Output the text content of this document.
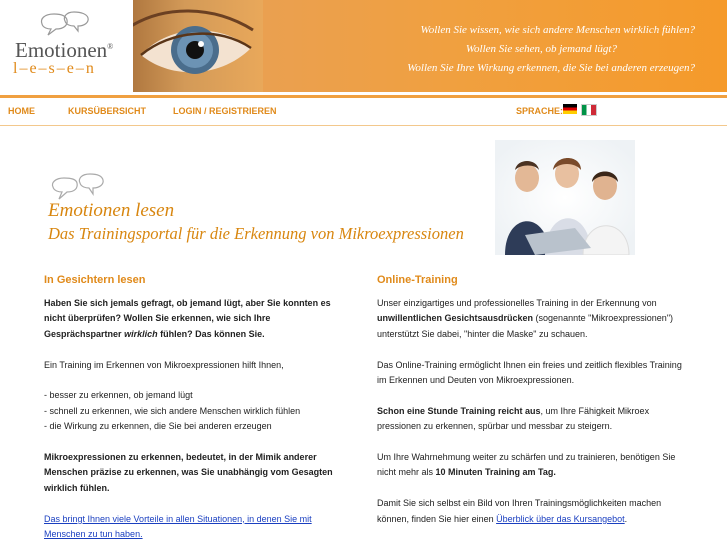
Emotionen®
l–e–s–e–n
Wollen Sie wissen, wie sich andere Menschen wirklich fühlen?
Wollen Sie sehen, ob jemand lügt?
Wollen Sie Ihre Wirkung erkennen, die Sie bei anderen erzeugen?
HOME	KURSÜBERSICHT	LOGIN / REGISTRIEREN	SPRACHE:
Emotionen lesen
Das Trainingsportal für die Erkennung von Mikroexpressionen
In Gesichtern lesen

Haben Sie sich jemals gefragt, ob jemand lügt, aber Sie konnten es nicht überprüfen? Wollen Sie erkennen, wie sich Ihre Gesprächspartner wirklich fühlen? Das können Sie.

Ein Training im Erkennen von Mikroexpressionen hilft Ihnen,

- besser zu erkennen, ob jemand lügt
- schnell zu erkennen, wie sich andere Menschen wirklich fühlen
- die Wirkung zu erkennen, die Sie bei anderen erzeugen

Mikroexpressionen zu erkennen, bedeutet, in der Mimik anderer Menschen präzise zu erkennen, was Sie unabhängig vom Gesagten wirklich fühlen.

Das bringt Ihnen viele Vorteile in allen Situationen, in denen Sie mit Menschen zu tun haben.

Online-Training

Unser einzigartiges und professionelles Training in der Erkennung von unwillentlichen Gesichtsausdrücken (sogenannte "Mikroexpressionen") unterstützt Sie dabei, "hinter die Maske" zu schauen.

Das Online-Training ermöglicht Ihnen ein freies und zeitlich flexibles Training im Erkennen und Deuten von Mikroexpressionen.

Schon eine Stunde Training reicht aus, um Ihre Fähigkeit Mikroex pressionen zu erkennen, spürbar und messbar zu steigern.

Um Ihre Wahrnehmung weiter zu schärfen und zu trainieren, benötigen Sie nicht mehr als 10 Minuten Training am Tag.

Damit Sie sich selbst ein Bild von Ihren Trainingsmöglichkeiten machen können, finden Sie hier einen Überblick über das Kursangebot.
